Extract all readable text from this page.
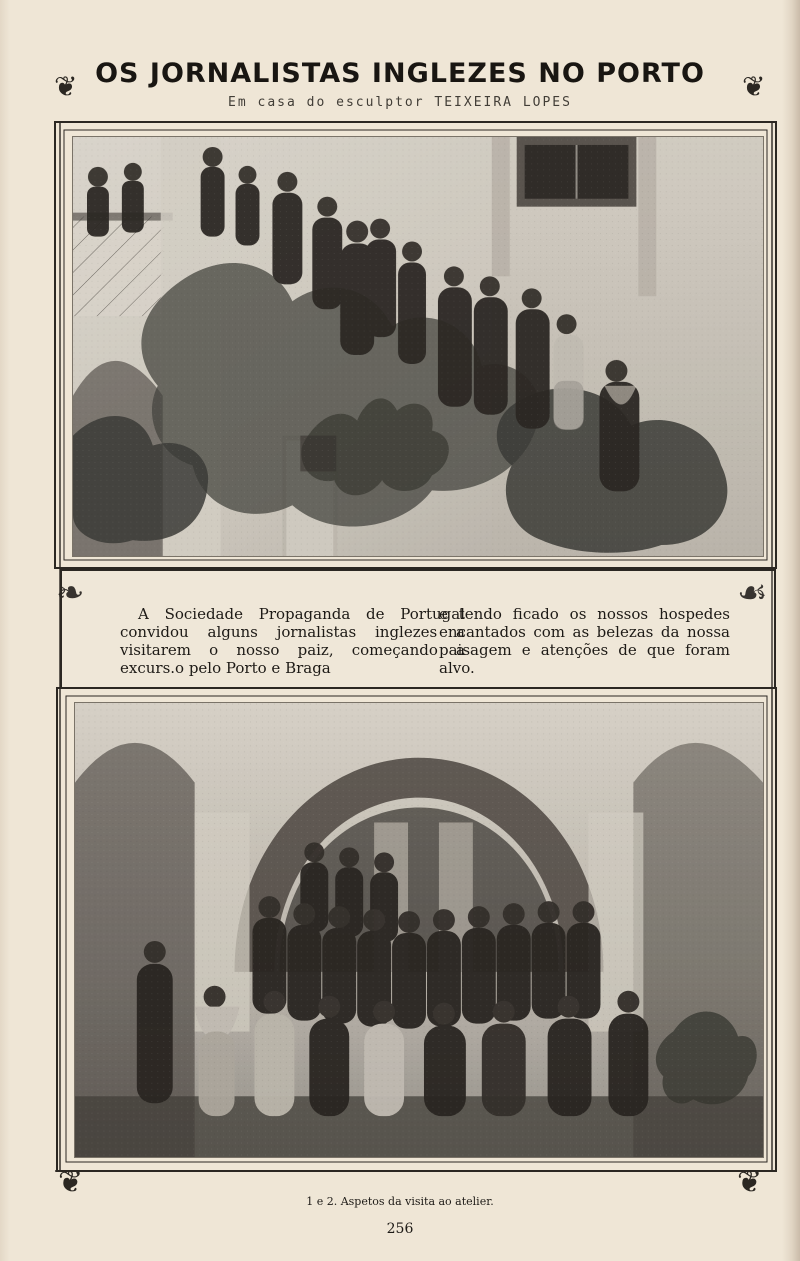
OS JORNALISTAS INGLEZES NO PORTO
Em casa do esculptor TEIXEIRA LOPES
❦	❦
❧	☙
❦	❦
A Sociedade Propaganda de Portugal convidou alguns jornalistas inglezes a visitarem o nosso paiz, começando a excurs.o pelo Porto e Braga
e tendo ficado os nossos hospedes encantados com as belezas da nossa paisagem e atenções de que foram alvo.
1 e 2. Aspetos da visita ao atelier.
256
